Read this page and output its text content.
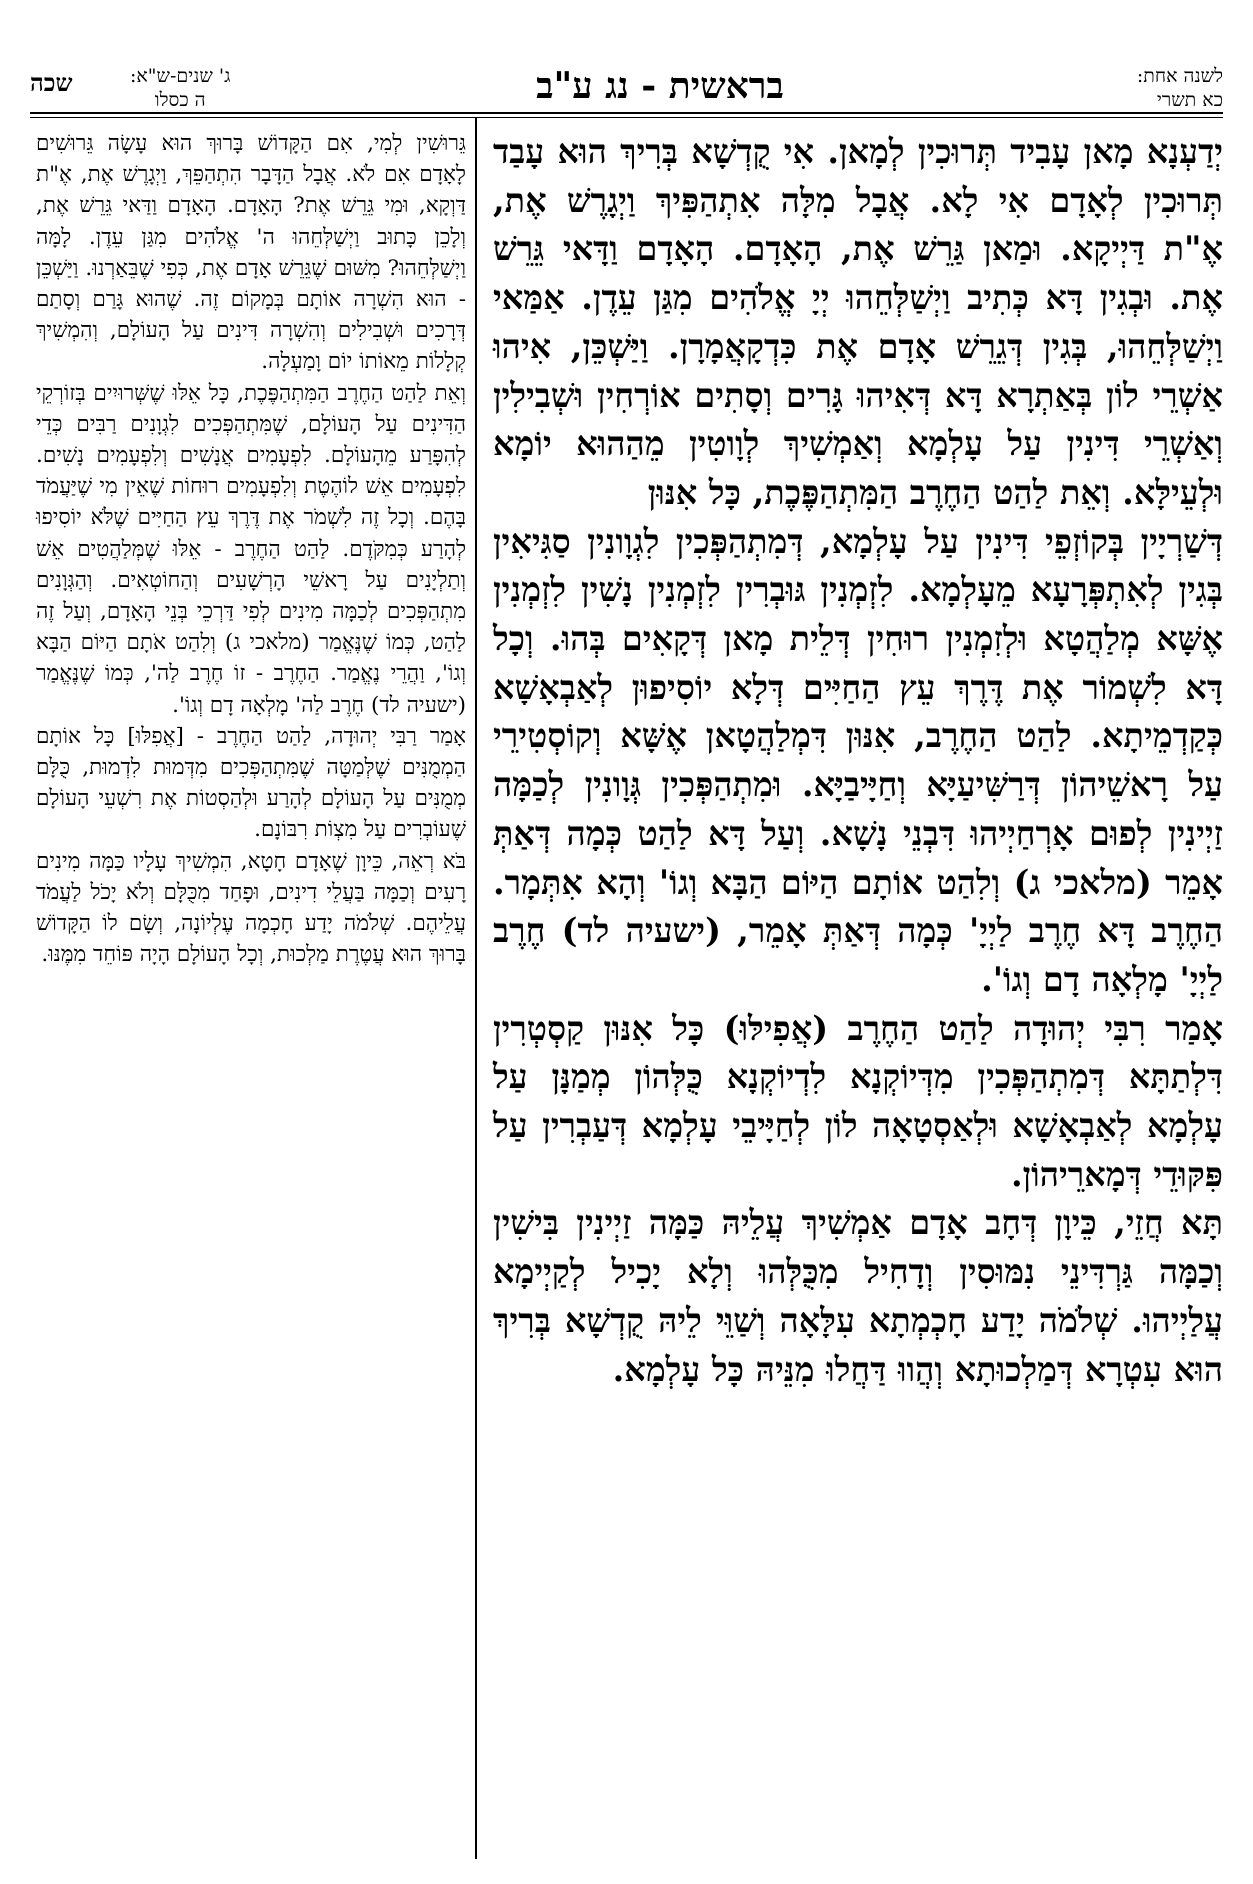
לשנה אחת:
כא תשרי
בראשית - נג ע"ב
ג' שנים-ש"א:
ה כסלו
שכה

יְדַעְנָא מָאן עָבִיד תְּרוּכִין לְמָאן. אִי קֻדְשָׁא בְּרִיךְ הוּא עָבַד תְּרוּכִין לְאָדָם אִי לָא. אֲבָל מִלָּה אִתְהַפִּיךְ וַיְגָרֶשׁ אֶת, אֶ"ת דַּיְיקָא. וּמַאן גַּרֵשׁ אֶת, הָאָדָם. הָאָדָם וַדָּאי גֵּרֵשׁ אֶת. וּבְגִין דָּא כְּתִיב וַיְשַׁלְּחֵהוּ יְיָ אֱלֹהִים מִגַּן עֵדֶן. אַמַּאי וַיְשַׁלְּחֵהוּ, בְּגִין דְּגֵרֵשׁ אָדָם אֶת כִּדְקָאֲמָרָן. וַיַּשְׁכֵּן, אִיהוּ אַשְׁרֵי לוֹן בְּאַתְרָא דָּא דְּאִיהוּ גָּרִים וְסָתִים אוֹרְחִין וּשְׁבִילִין וְאַשְׁרֵי דִּינִין עַל עָלְמָא וְאַמְשִׁיךְ לְוָוטִין מֵהַהוּא יוֹמָא וּלְעֵילָּא. וְאֵת לַהַט הַחֶרֶב הַמִּתְהַפֶּכֶת, כָּל אִנּוּן

דְּשַׁרְיָין בְּקוֹזְפֵי דִּינִין עַל עָלְמָא, דְּמִתְהַפְּכִין לִגְוָונִין סַגִּיאִין בְּגִין לְאִתְפְּרָעָא מֵעָלְמָא. לִזְמְנִין גּוּבְרִין לִזְמְנִין נָשִׁין לִזְמְנִין אֶשָּׁא מְלַהֲטָא וּלְזִמְנִין רוּחִין דְּלֵית מָאן דְּקָאִים בְּהוּ. וְכָל דָּא לִשְׁמוֹר אֶת דֶּרֶךְ עֵץ הַחַיִּים דְּלָא יוֹסִיפוּן לְאַבְאָשָׁא כְּקַדְמֵיתָא. לַהַט הַחֶרֶב, אִנּוּן דִּמְלַהֲטָאן אֶשָּׁא וְקוֹסְטִירֵי עַל רָאשֵׁיהוֹן דְּרַשִּׁיעַיָּא וְחַיָּיבַיָּא. וּמִתְהַפְּכִין גְּוָונִין לְכַמָּה זַיְינִין לְפוּם אָרְחַיְיהוּ דִּבְנֵי נָשָׁא. וְעַל דָּא לַהַט כְּמָה דְּאַתְּ אָמֵר (מלאכי ג) וְלִהַט אוֹתָם הַיּוֹם הַבָּא וְגוֹ' וְהָא אִתְּמָר. הַחֶרֶב דָּא חֶרֶב לַיְיָ' כְּמָה דְּאַתְּ אָמֵר, (ישעיה לד) חֶרֶב לַיְיָ' מָלְאָה דָם וְגוֹ'.

אָמַר רִבִּי יְהוּדָה לַהַט הַחֶרֶב (אֲפִילּוּ) כָּל אִנּוּן קַסְטְרִין דִּלְתַתָּא דְּמִתְהַפְּכִין מִדְּיוֹקְנָא לִדְיוֹקְנָא כֻּלְּהוֹן מְמַנָּן עַל עָלְמָא לְאַבְאָשָׁא וּלְאַסְטָאָה לוֹן לְחַיָּיבֵי עָלְמָא דְּעַבְרִין עַל פִּקּוּדֵי דְּמָארֵיהוֹן.

תָּא חֲזֵי, כֵּיוָן דְּחָב אָדָם אַמְשִׁיךְ עֲלֵיהּ כַּמָּה זַיְינִין בִּישִׁין וְכַמָּה גַּרְדִּינֵי נִמּוּסִין וְדָחִיל מִכֻּלְּהוּ וְלָא יָכִיל לְקַיְימָא עֲלַיְיהוּ. שְׁלֹמֹה יָדַע חָכְמְתָא עִלָּאָה וְשַׁוֵּי לֵיהּ קֻדְשָׁא בְּרִיךְ הוּא עִטְרָא דְּמַלְכוּתָא וְהֲווּ דַּחֲלוּ מִנֵּיהּ כָּל עָלְמָא.

גֵּרוּשִׁין לְמִי, אִם הַקָּדוֹשׁ בָּרוּךְ הוּא עָשָׂה גֵּרוּשִׁים לָאָדָם אִם לֹא. אֲבָל הַדָּבָר הִתְהַפֵּךְ, וַיְגָרֶשׁ אֶת, אֶ"ת דַּוְקָא, וּמִי גֵּרֵשׁ אֶת? הָאָדָם. הָאָדָם וַדַּאי גֵּרֵשׁ אֶת, וְלָכֵן כָּתוּב וַיְשַׁלְּחֵהוּ ה' אֱלֹהִים מִגַּן עֵדֶן. לָמָּה וַיְשַׁלְּחֵהוּ? מִשּׁוּם שֶׁגֵּרֵשׁ אָדָם אֶת, כְּפִי שֶׁבֵּאַרְנוּ. וַיַּשְׁכֵּן - הוּא הִשְׁרָה אוֹתָם בְּמָקוֹם זֶה. שֶׁהוּא גָּרַם וְסָתַם דְּרָכִים וּשְׁבִילִים וְהִשְׁרָה דִּינִים עַל הָעוֹלָם, וְהִמְשִׁיךְ קְלָלוֹת מֵאוֹתוֹ יוֹם וָמַעְלָה.

וְאֵת לַהַט הַחֶרֶב הַמִּתְהַפֶּכֶת, כָּל אֵלּוּ שֶׁשְּׁרוּיִים בְּזוֹרְקֵי הַדִּינִים עַל הָעוֹלָם, שֶׁמִּתְהַפְּכִים לִגְוָנִים רַבִּים כְּדֵי לְהִפָּרַע מֵהָעוֹלָם. לִפְעָמִים אֲנָשִׁים וְלִפְעָמִים נָשִׁים. לִפְעָמִים אֵשׁ לוֹהֶטֶת וְלִפְעָמִים רוּחוֹת שֶׁאֵין מִי שֶׁיַּעֲמֹד בָּהֶם. וְכָל זֶה לִשְׁמֹר אֶת דֶּרֶךְ עֵץ הַחַיִּים שֶׁלֹּא יוֹסִיפוּ לְהָרַע כְּמִקֹּדֶם. לַהַט הַחֶרֶב - אֵלּוּ שֶׁמְּלַהֲטִים אֵשׁ וְתַלְיָנִים עַל רָאשֵׁי הָרְשָׁעִים וְהַחוֹטְאִים. וְהַגְּוָנִים מִתְהַפְּכִים לְכַמָּה מִינִים לְפִי דַּרְכֵי בְּנֵי הָאָדָם, וְעַל זֶה לַהַט, כְּמוֹ שֶׁנֶּאֱמַר (מלאכי ג) וְלִהַט אֹתָם הַיּוֹם הַבָּא וְגוֹ', וַהֲרֵי נֶאֱמַר. הַחֶרֶב - זוֹ חֶרֶב לַה', כְּמוֹ שֶׁנֶּאֱמַר (ישעיה לד) חֶרֶב לַה' מָלְאָה דָם וְגוֹ'.

אָמַר רַבִּי יְהוּדָה, לַהַט הַחֶרֶב - [אֲפִלּוּ] כָּל אוֹתָם הַמְמֻנִּים שֶׁלְּמַטָּה שֶׁמִּתְהַפְּכִים מִדְּמוּת לִדְמוּת, כֻּלָּם מְמֻנִּים עַל הָעוֹלָם לְהָרַע וּלְהַסְטוֹת אֶת רִשְׁעֵי הָעוֹלָם שֶׁעוֹבְרִים עַל מִצְוֹת רִבּוֹנָם.

בֹּא רְאֵה, כֵּיוָן שֶׁאָדָם חָטָא, הִמְשִׁיךְ עָלָיו כַּמָּה מִינִים רָעִים וְכַמָּה בַּעֲלֵי דִינִים, וּפָחַד מִכֻּלָּם וְלֹא יָכֹל לַעֲמֹד עֲלֵיהֶם. שְׁלֹמֹה יָדַע חָכְמָה עֶלְיוֹנָה, וְשָׂם לוֹ הַקָּדוֹשׁ בָּרוּךְ הוּא עֲטֶרֶת מַלְכוּת, וְכָל הָעוֹלָם הָיָה פּוֹחֵד מִמֶּנּוּ.
